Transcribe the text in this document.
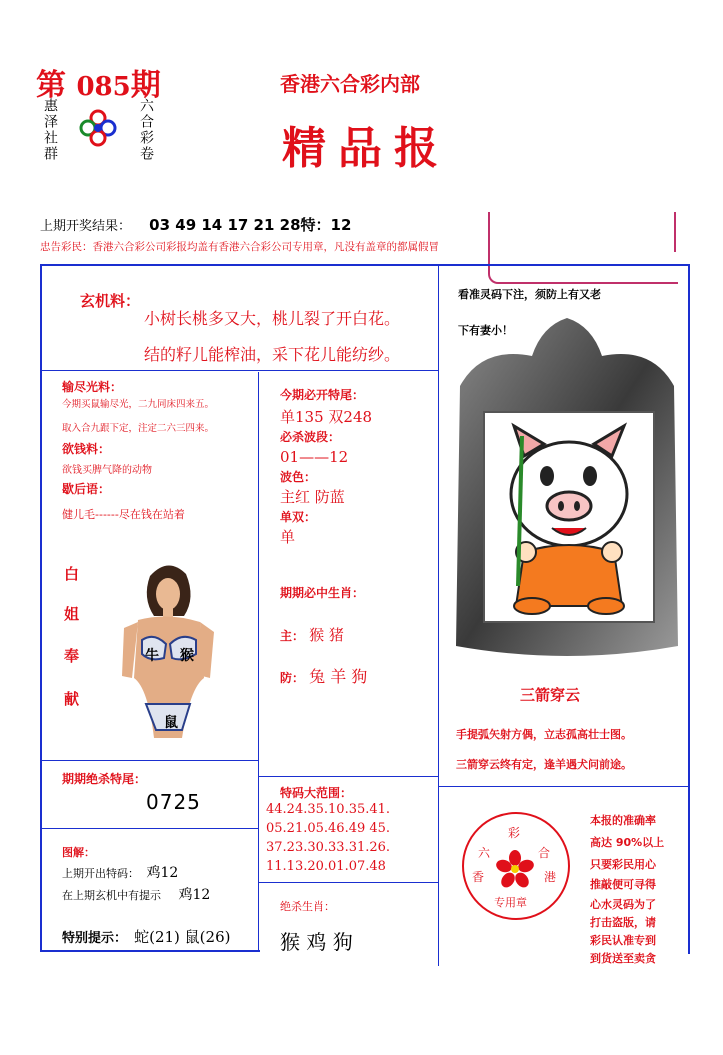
第 085期
惠泽
社群
六合
彩卷
香港六合彩内部
精品报
上期开奖结果： 03 49 14 17 21 28特：12
忠告彩民：香港六合彩公司彩报均盖有香港六合彩公司专用章，凡没有盖章的都属假冒
玄机料：
小树长桃多又大，桃儿裂了开白花。
结的籽儿能榨油，采下花儿能纺纱。
输尽光料：
今期买鼠输尽光，二九同床四来五。
取入合九跟下定，注定二六三四来。
欲钱料：
欲钱买脾气降的动物
歇后语：
健儿毛------尽在钱在站着
白
姐
奉
献
牛 猴
鼠
期期绝杀特尾：
0725
图解：
上期开出特码： 鸡12
在上期玄机中有提示 鸡12
特别提示： 蛇(21) 鼠(26)
今期必开特尾：
单135 双248
必杀波段：
01——12
波色：
主红 防蓝
单双：
单
期期必中生肖：
主： 猴 猪
防： 兔 羊 狗
特码大范围：
44.24.35.10.35.41.
05.21.05.46.49 45.
37.23.30.33.31.26.
11.13.20.01.07.48
绝杀生肖：
猴 鸡 狗
看准灵码下注，须防上有又老
下有妻小！
三箭穿云
手提弧矢射方偶，立志孤高壮士图。
三箭穿云终有定，逢羊遇犬问前途。
彩
六	合
香	港
专用章
本报的准确率
高达 90%以上
只要彩民用心
推敲便可寻得
心水灵码为了
打击盗版，请
彩民认准专到
到货送至卖贪
